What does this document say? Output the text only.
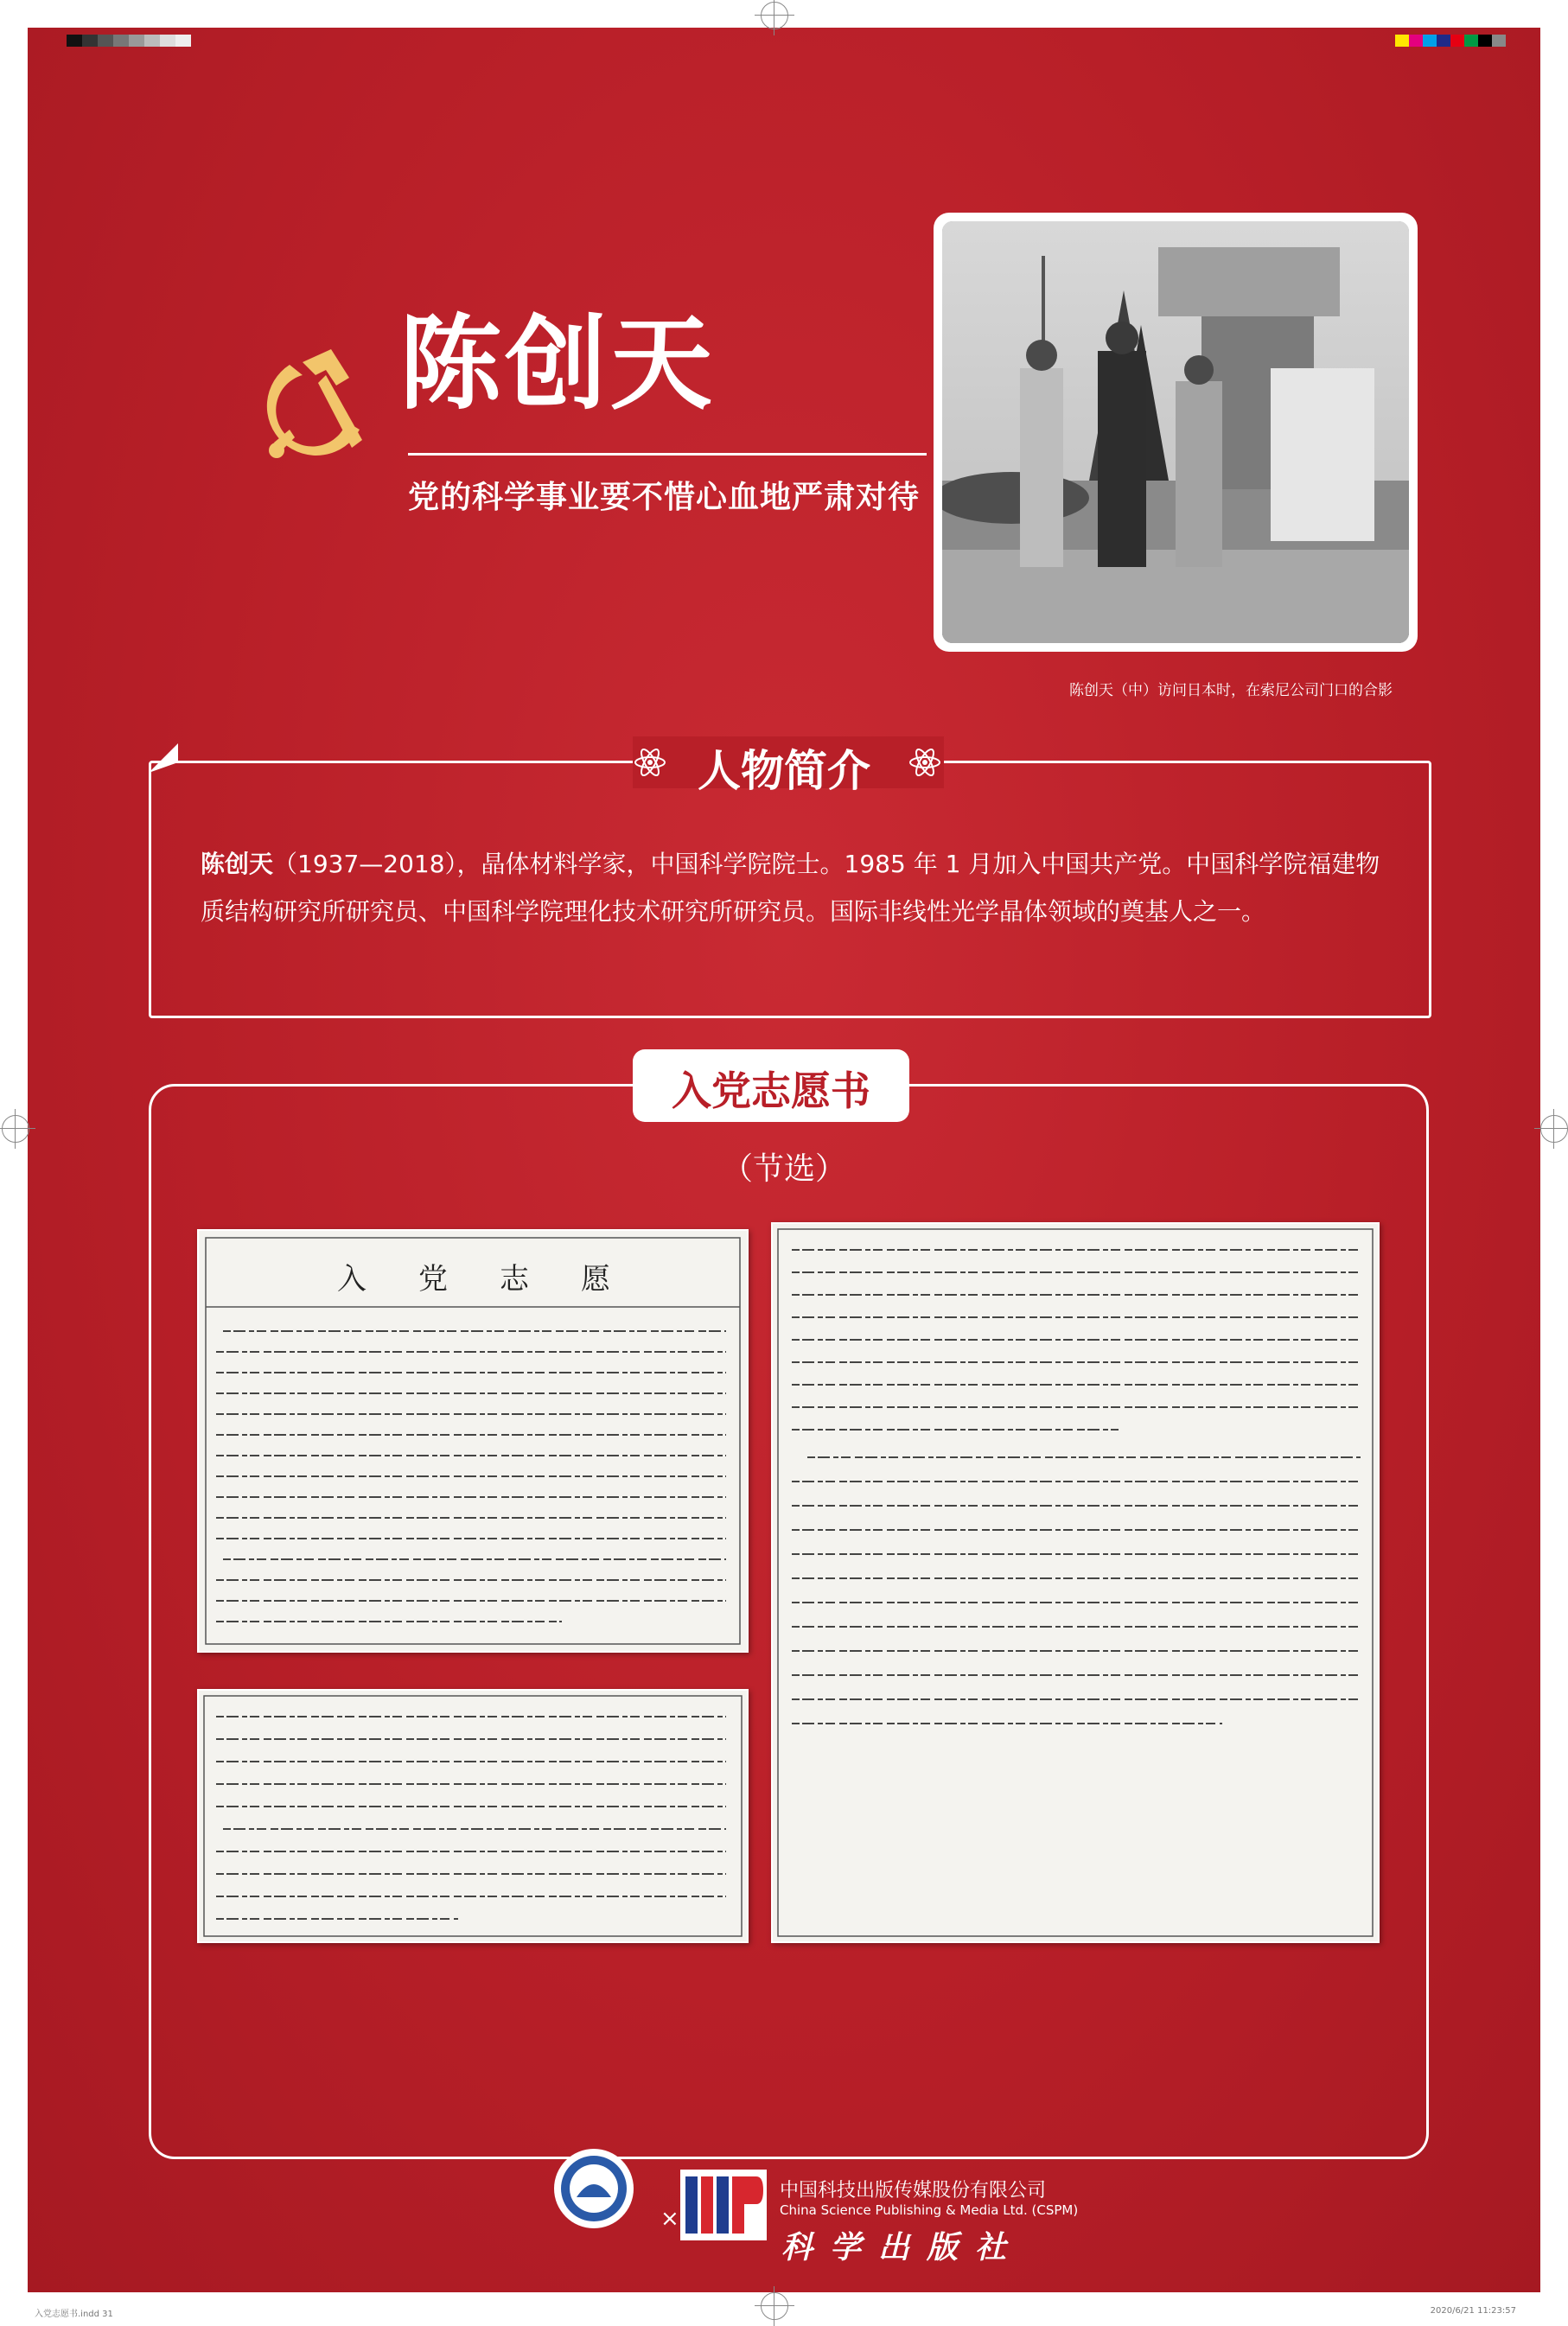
陈创天
党的科学事业要不惜心血地严肃对待
陈创天（中）访问日本时，在索尼公司门口的合影
人物简介
陈创天（1937—2018），晶体材料学家，中国科学院院士。1985 年 1 月加入中国共产党。中国科学院福建物质结构研究所研究员、中国科学院理化技术研究所研究员。国际非线性光学晶体领域的奠基人之一。
入党志愿书
（节选）
入党志愿
×
中国科技出版传媒股份有限公司
China Science Publishing & Media Ltd. (CSPM)
科学出版社
入党志愿书.indd 31	2020/6/21 11:23:57
